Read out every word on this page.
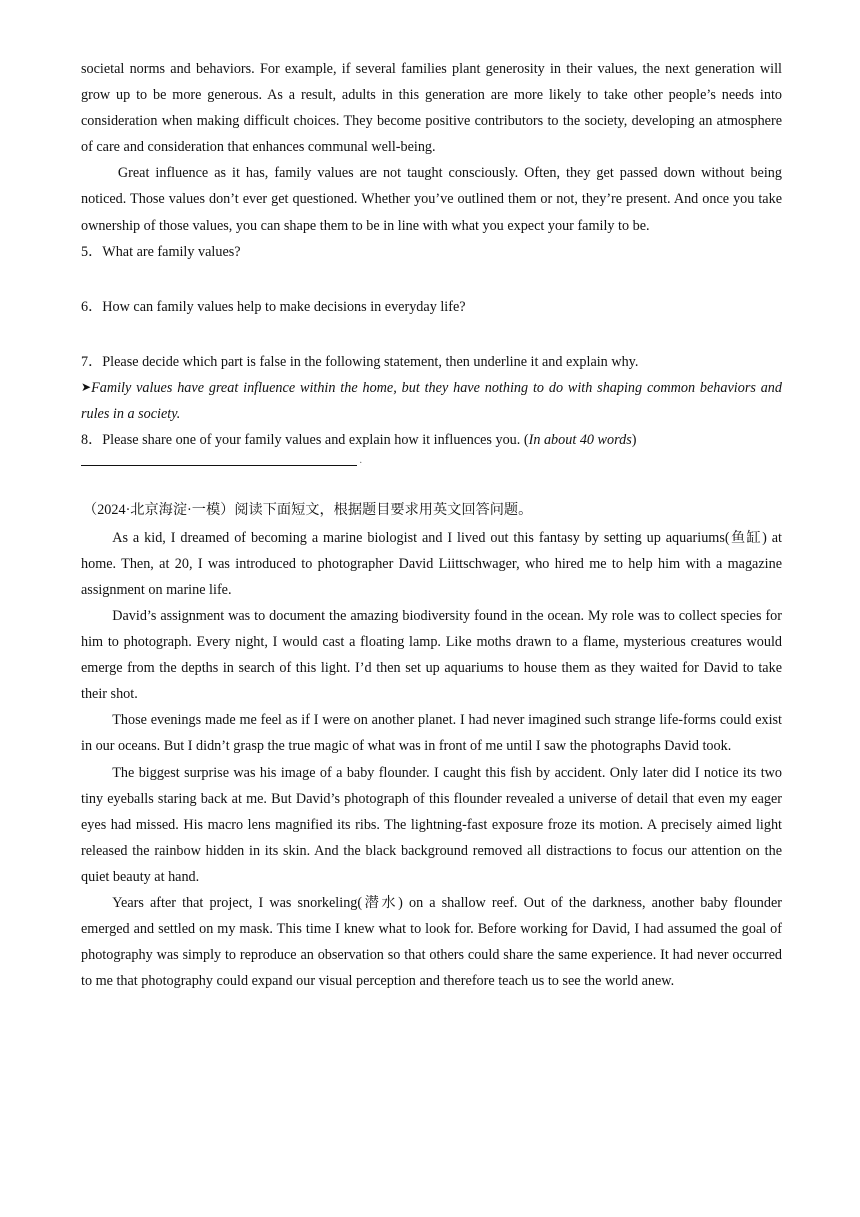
societal norms and behaviors. For example, if several families plant generosity in their values, the next generation will grow up to be more generous. As a result, adults in this generation are more likely to take other people’s needs into consideration when making difficult choices. They become positive contributors to the society, developing an atmosphere of care and consideration that enhances communal well-being.

Great influence as it has, family values are not taught consciously. Often, they get passed down without being noticed. Those values don’t ever get questioned. Whether you’ve outlined them or not, they’re present. And once you take ownership of those values, you can shape them to be in line with what you expect your family to be.

5．What are family values?

6．How can family values help to make decisions in everyday life?

7．Please decide which part is false in the following statement, then underline it and explain why.

➤Family values have great influence within the home, but they have nothing to do with shaping common behaviors and rules in a society.

8．Please share one of your family values and explain how it influences you. (In about 40 words)

.

（2024·北京海淀·一模）阅读下面短文，根据题目要求用英文回答问题。

As a kid, I dreamed of becoming a marine biologist and I lived out this fantasy by setting up aquariums(鱼缸) at home. Then, at 20, I was introduced to photographer David Liittschwager, who hired me to help him with a magazine assignment on marine life.

David’s assignment was to document the amazing biodiversity found in the ocean. My role was to collect species for him to photograph. Every night, I would cast a floating lamp. Like moths drawn to a flame, mysterious creatures would emerge from the depths in search of this light. I’d then set up aquariums to house them as they waited for David to take their shot.

Those evenings made me feel as if I were on another planet. I had never imagined such strange life-forms could exist in our oceans. But I didn’t grasp the true magic of what was in front of me until I saw the photographs David took.

The biggest surprise was his image of a baby flounder. I caught this fish by accident. Only later did I notice its two tiny eyeballs staring back at me. But David’s photograph of this flounder revealed a universe of detail that even my eager eyes had missed. His macro lens magnified its ribs. The lightning-fast exposure froze its motion. A precisely aimed light released the rainbow hidden in its skin. And the black background removed all distractions to focus our attention on the quiet beauty at hand.

Years after that project, I was snorkeling(潜水) on a shallow reef. Out of the darkness, another baby flounder emerged and settled on my mask. This time I knew what to look for. Before working for David, I had assumed the goal of photography was simply to reproduce an observation so that others could share the same experience. It had never occurred to me that photography could expand our visual perception and therefore teach us to see the world anew.
